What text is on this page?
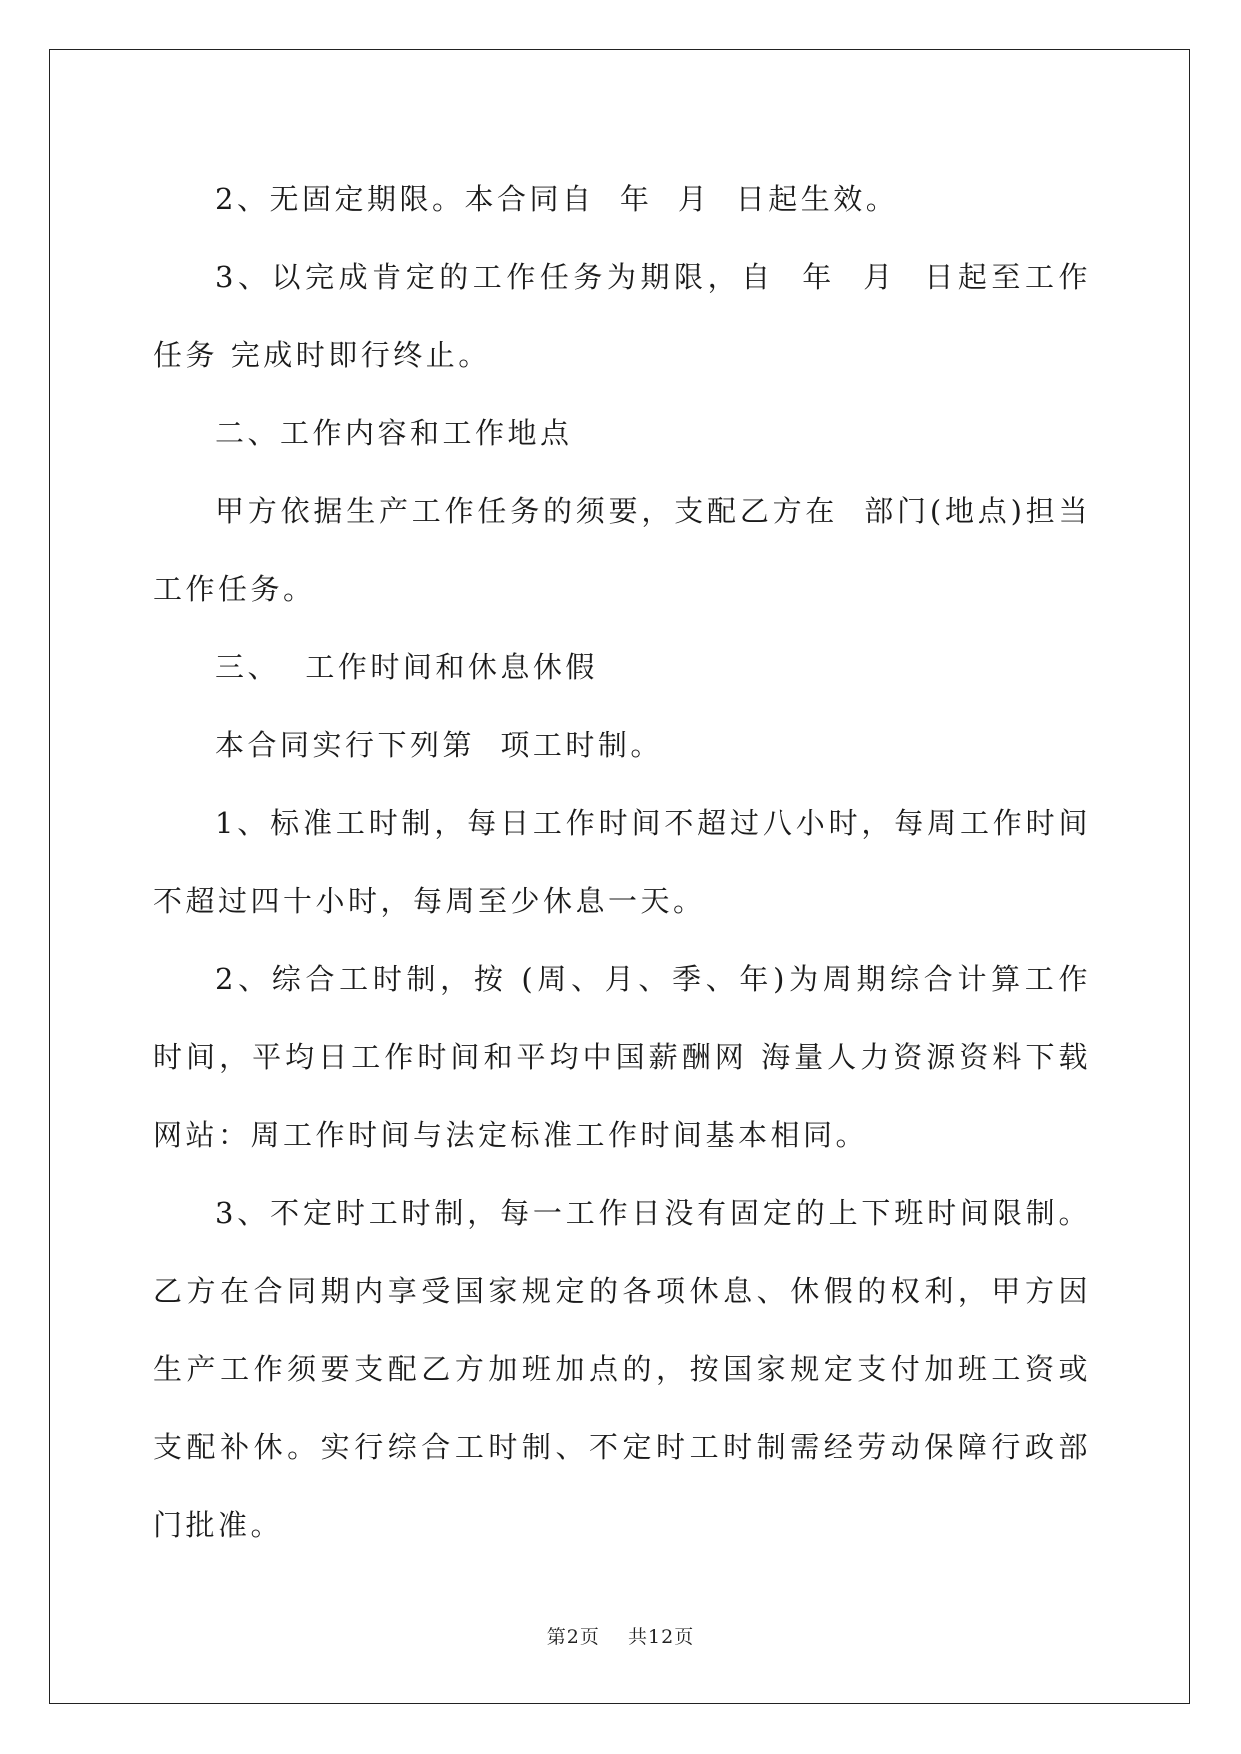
2、无固定期限。本合同自  年  月  日起生效。

3、以完成肯定的工作任务为期限，自  年  月  日起至工作任务 完成时即行终止。

二、工作内容和工作地点

甲方依据生产工作任务的须要，支配乙方在  部门(地点)担当  工作任务。

三、  工作时间和休息休假

本合同实行下列第  项工时制。

1、标准工时制，每日工作时间不超过八小时，每周工作时间不超过四十小时，每周至少休息一天。

2、综合工时制，按 (周、月、季、年)为周期综合计算工作时间，平均日工作时间和平均中国薪酬网 海量人力资源资料下载 网站：周工作时间与法定标准工作时间基本相同。

3、不定时工时制，每一工作日没有固定的上下班时间限制。乙方在合同期内享受国家规定的各项休息、休假的权利，甲方因生产工作须要支配乙方加班加点的，按国家规定支付加班工资或支配补休。实行综合工时制、不定时工时制需经劳动保障行政部门批准。

第2页 共12页
